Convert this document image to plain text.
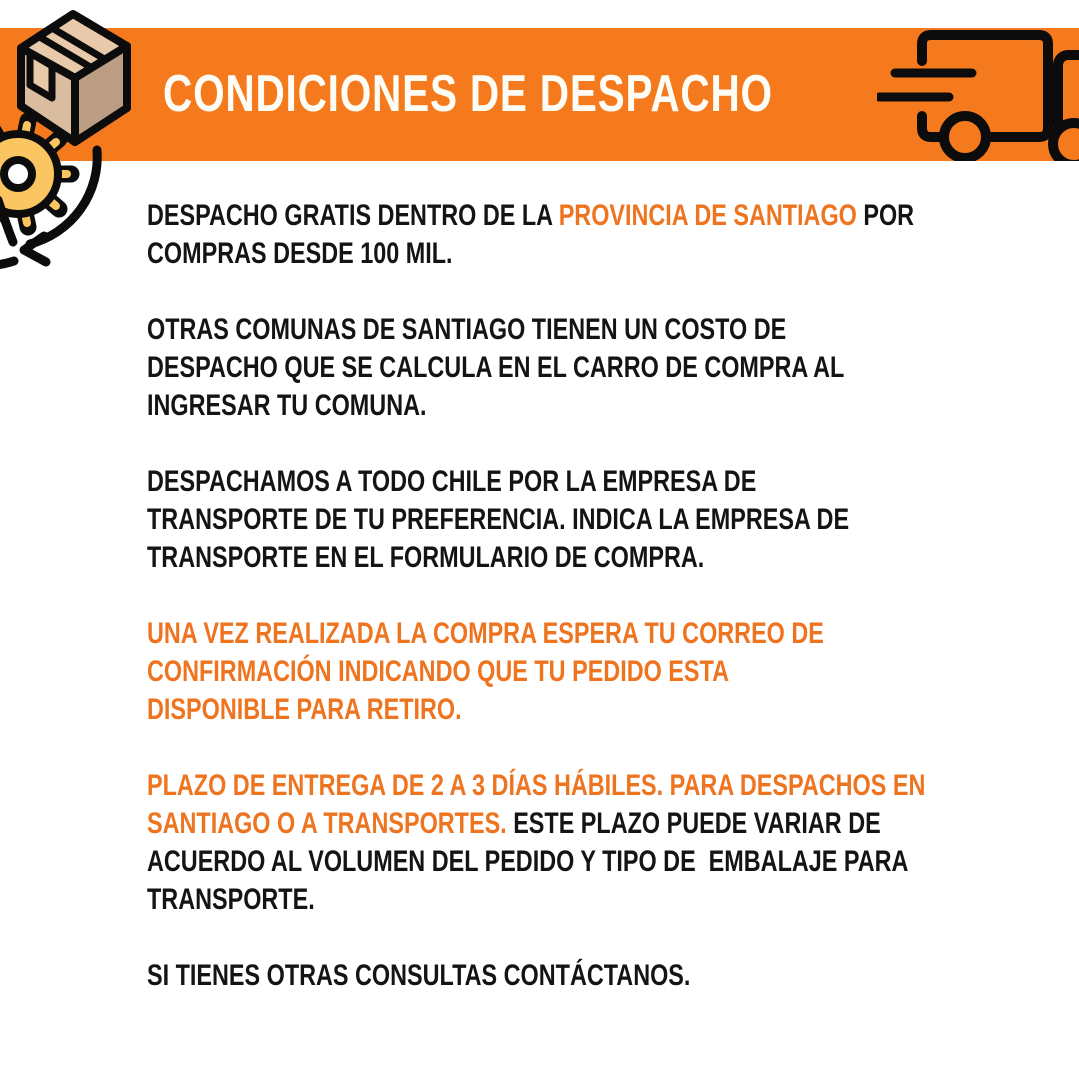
CONDICIONES DE DESPACHO
DESPACHO GRATIS DENTRO DE LA PROVINCIA DE SANTIAGO POR
COMPRAS DESDE 100 MIL.
OTRAS COMUNAS DE SANTIAGO TIENEN UN COSTO DE
DESPACHO QUE SE CALCULA EN EL CARRO DE COMPRA AL
INGRESAR TU COMUNA.
DESPACHAMOS A TODO CHILE POR LA EMPRESA DE
TRANSPORTE DE TU PREFERENCIA. INDICA LA EMPRESA DE
TRANSPORTE EN EL FORMULARIO DE COMPRA.
UNA VEZ REALIZADA LA COMPRA ESPERA TU CORREO DE
CONFIRMACIÓN INDICANDO QUE TU PEDIDO ESTA
DISPONIBLE PARA RETIRO.
PLAZO DE ENTREGA DE 2 A 3 DÍAS HÁBILES. PARA DESPACHOS EN
SANTIAGO O A TRANSPORTES. ESTE PLAZO PUEDE VARIAR DE
ACUERDO AL VOLUMEN DEL PEDIDO Y TIPO DE  EMBALAJE PARA
TRANSPORTE.
SI TIENES OTRAS CONSULTAS CONTÁCTANOS.
